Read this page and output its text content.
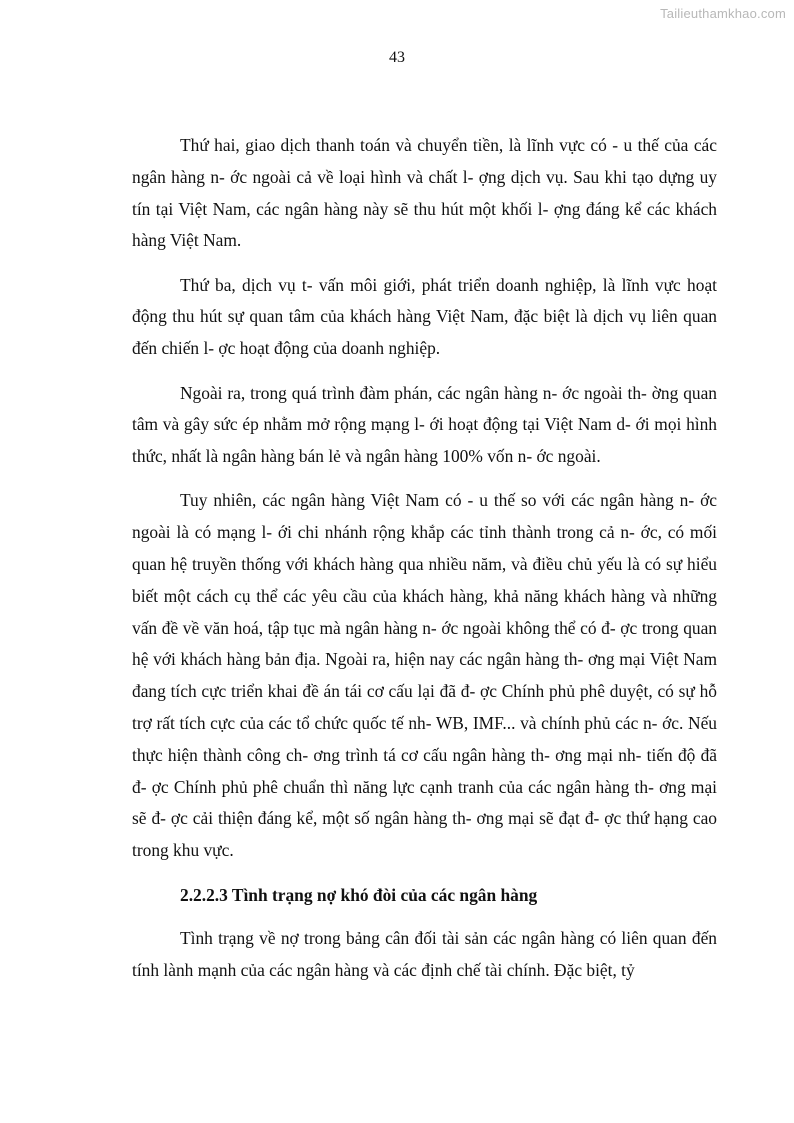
Tailieuthamkhao.com
43

Thứ hai, giao dịch thanh toán và chuyển tiền, là lĩnh vực có - u thế của các ngân hàng n- ớc ngoài cả về loại hình và chất l- ợng dịch vụ. Sau khi tạo dựng uy tín tại Việt Nam, các ngân hàng này sẽ thu hút một khối l- ợng đáng kể các khách hàng Việt Nam.

Thứ ba, dịch vụ t- vấn môi giới, phát triển doanh nghiệp, là lĩnh vực hoạt động thu hút sự quan tâm của khách hàng Việt Nam, đặc biệt là dịch vụ liên quan đến chiến l- ợc hoạt động của doanh nghiệp.

Ngoài ra, trong quá trình đàm phán, các ngân hàng n- ớc ngoài th- ờng quan tâm và gây sức ép nhằm mở rộng mạng l- ới hoạt động tại Việt Nam d- ới mọi hình thức, nhất là ngân hàng bán lẻ và ngân hàng 100% vốn n- ớc ngoài.

Tuy nhiên, các ngân hàng Việt Nam có - u thế so với các ngân hàng n- ớc ngoài là có mạng l- ới chi nhánh rộng khắp các tỉnh thành trong cả n- ớc, có mối quan hệ truyền thống với khách hàng qua nhiều năm, và điều chủ yếu là có sự hiểu biết một cách cụ thể các yêu cầu của khách hàng, khả năng khách hàng và những vấn đề về văn hoá, tập tục mà ngân hàng n- ớc ngoài không thể có đ- ợc trong quan hệ với khách hàng bản địa. Ngoài ra, hiện nay các ngân hàng th- ơng mại Việt Nam đang tích cực triển khai đề án tái cơ cấu lại đã đ- ợc Chính phủ phê duyệt, có sự hỗ trợ rất tích cực của các tổ chức quốc tế nh- WB, IMF... và chính phủ các n- ớc. Nếu thực hiện thành công ch- ơng trình tá cơ cấu ngân hàng th- ơng mại nh- tiến độ đã đ- ợc Chính phủ phê chuẩn thì năng lực cạnh tranh của các ngân hàng th- ơng mại sẽ đ- ợc cải thiện đáng kể, một số ngân hàng th- ơng mại sẽ đạt đ- ợc thứ hạng cao trong khu vực.

2.2.2.3 Tình trạng nợ khó đòi của các ngân hàng

Tình trạng về nợ trong bảng cân đối tài sản các ngân hàng có liên quan đến tính lành mạnh của các ngân hàng và các định chế tài chính. Đặc biệt, tỷ
